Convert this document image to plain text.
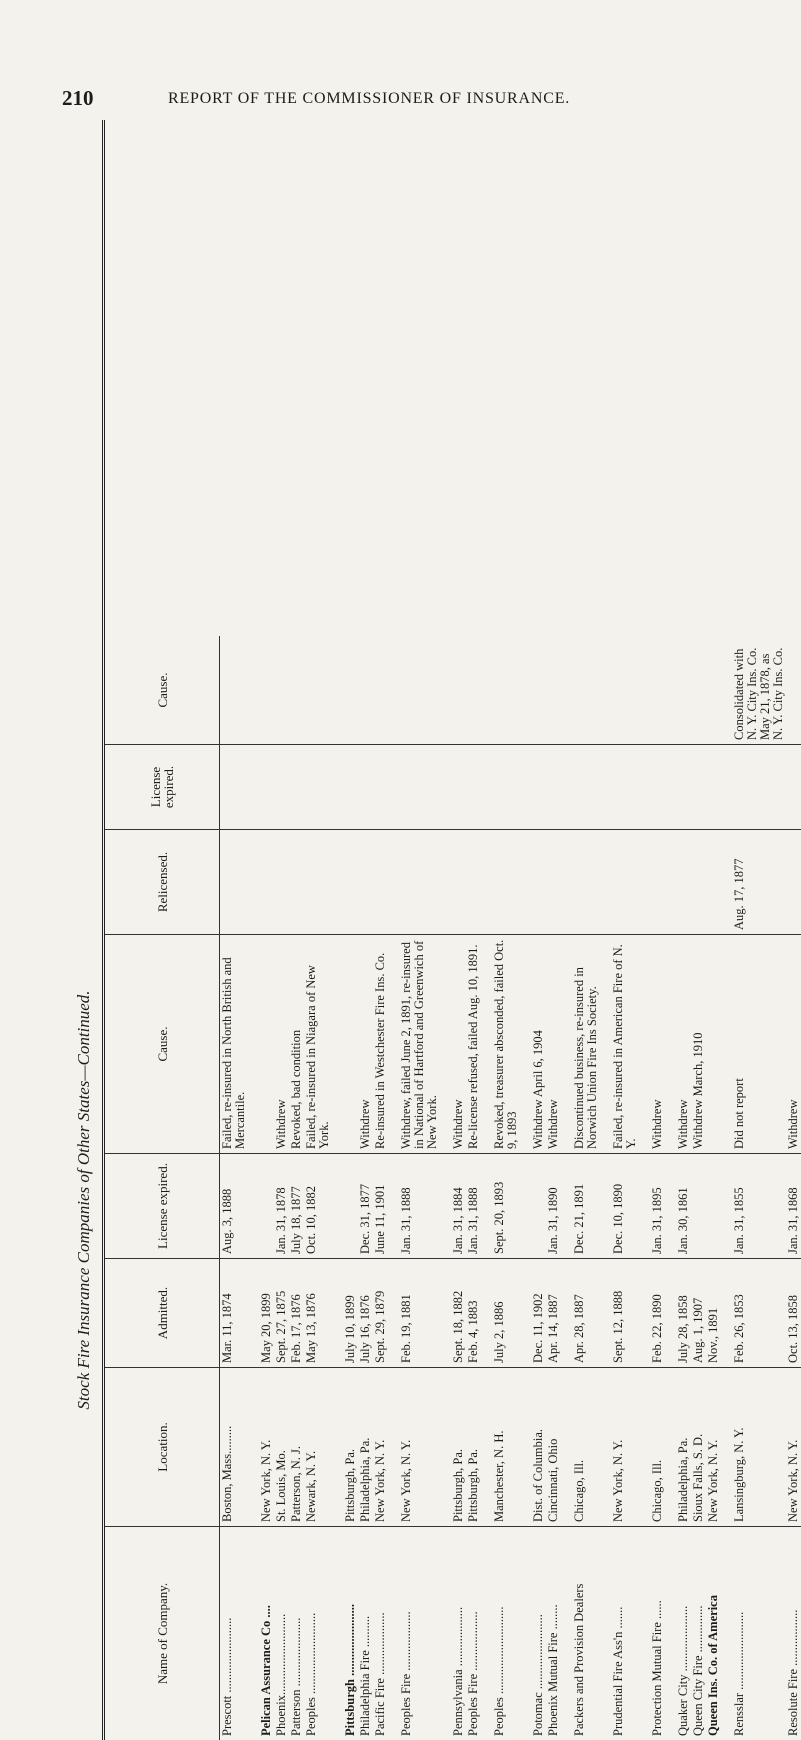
210	REPORT OF THE COMMISSIONER OF INSURANCE.
Stock Fire Insurance Companies of Other States—Continued.
Name of Company.	Location.	Admitted.	License expired.	Cause.	Relicensed.	License expired.	Cause.
Prescott ........................	Boston, Mass.........	Mar. 11, 1874	Aug. 3, 1888	Failed, re-insured in North British and Mercantile.			
Pelican Assurance Co ....	New York, N. Y.	May 20, 1899					
Phoenix..........................	St. Louis, Mo.	Sept. 27, 1875	Jan. 31, 1878	Withdrew			
Patterson ......................	Patterson, N. J.	Feb. 17, 1876	July 18, 1877	Revoked, bad condition			
Peoples ..........................	Newark, N. Y.	May 13, 1876	Oct. 10, 1882	Failed, re-insured in Niagara of New York.			
Pittsburgh .......................	Pittsburgh, Pa.	July 10, 1899					
Philadelphia Fire ..........	Philadelphia, Pa.	July 16, 1876	Dec. 31, 1877	Withdrew			
Pacific Fire ....................	New York, N. Y.	Sept. 29, 1879	June 11, 1901	Re-insured in Westchester Fire Ins. Co.			
Peoples Fire ...................	New York, N. Y.	Feb. 19, 1881	Jan. 31, 1888	Withdrew, failed June 2, 1891, re-insured in National of Hartford and Greenwich of New York.			
Pennsylvania ...................	Pittsburgh, Pa.	Sept. 18, 1882	Jan. 31, 1884	Withdrew			
Peoples Fire ...................	Pittsburgh, Pa.	Feb. 4, 1883	Jan. 31, 1888	Re-license refused, failed Aug. 10, 1891.			
Peoples ............................	Manchester, N. H.	July 2, 1886	Sept. 20, 1893	Revoked, treasurer absconded, failed Oct. 9, 1893			
Potomac ........................	Dist. of Columbia.	Dec. 11, 1902		Withdrew April 6, 1904			
Phoenix Mutual Fire ........	Cincinnati, Ohio	Apr. 14, 1887	Jan. 31, 1890	Withdrew			
Packers and Provision Dealers	Chicago, Ill.	Apr. 28, 1887	Dec. 21, 1891	Discontinued business, re-insured in Norwich Union Fire Ins Society.			
Prudential Fire Ass'n .......	New York, N. Y.	Sept. 12, 1888	Dec. 10, 1890	Failed, re-insured in American Fire of N. Y.			
Protection Mutual Fire ......	Chicago, Ill.	Feb. 22, 1890	Jan. 31, 1895	Withdrew			
Quaker City .....................	Philadelphia, Pa.	July 28, 1858	Jan. 30, 1861	Withdrew			
Queen City Fire ...............	Sioux Falls, S. D.	Aug. 1, 1907		Withdrew March, 1910			
Queen Ins. Co. of America	New York, N. Y.	Nov., 1891					
Rensslar .........................	Lansingburg, N. Y.	Feb. 26, 1853	Jan. 31, 1855	Did not report	Aug. 17, 1877		Consolidated with N. Y. City Ins. Co. May 21, 1878, as N. Y. City Ins. Co.
Resolute Fire ..................	New York, N. Y.	Oct. 13, 1858	Jan. 31, 1868	Withdrew			
